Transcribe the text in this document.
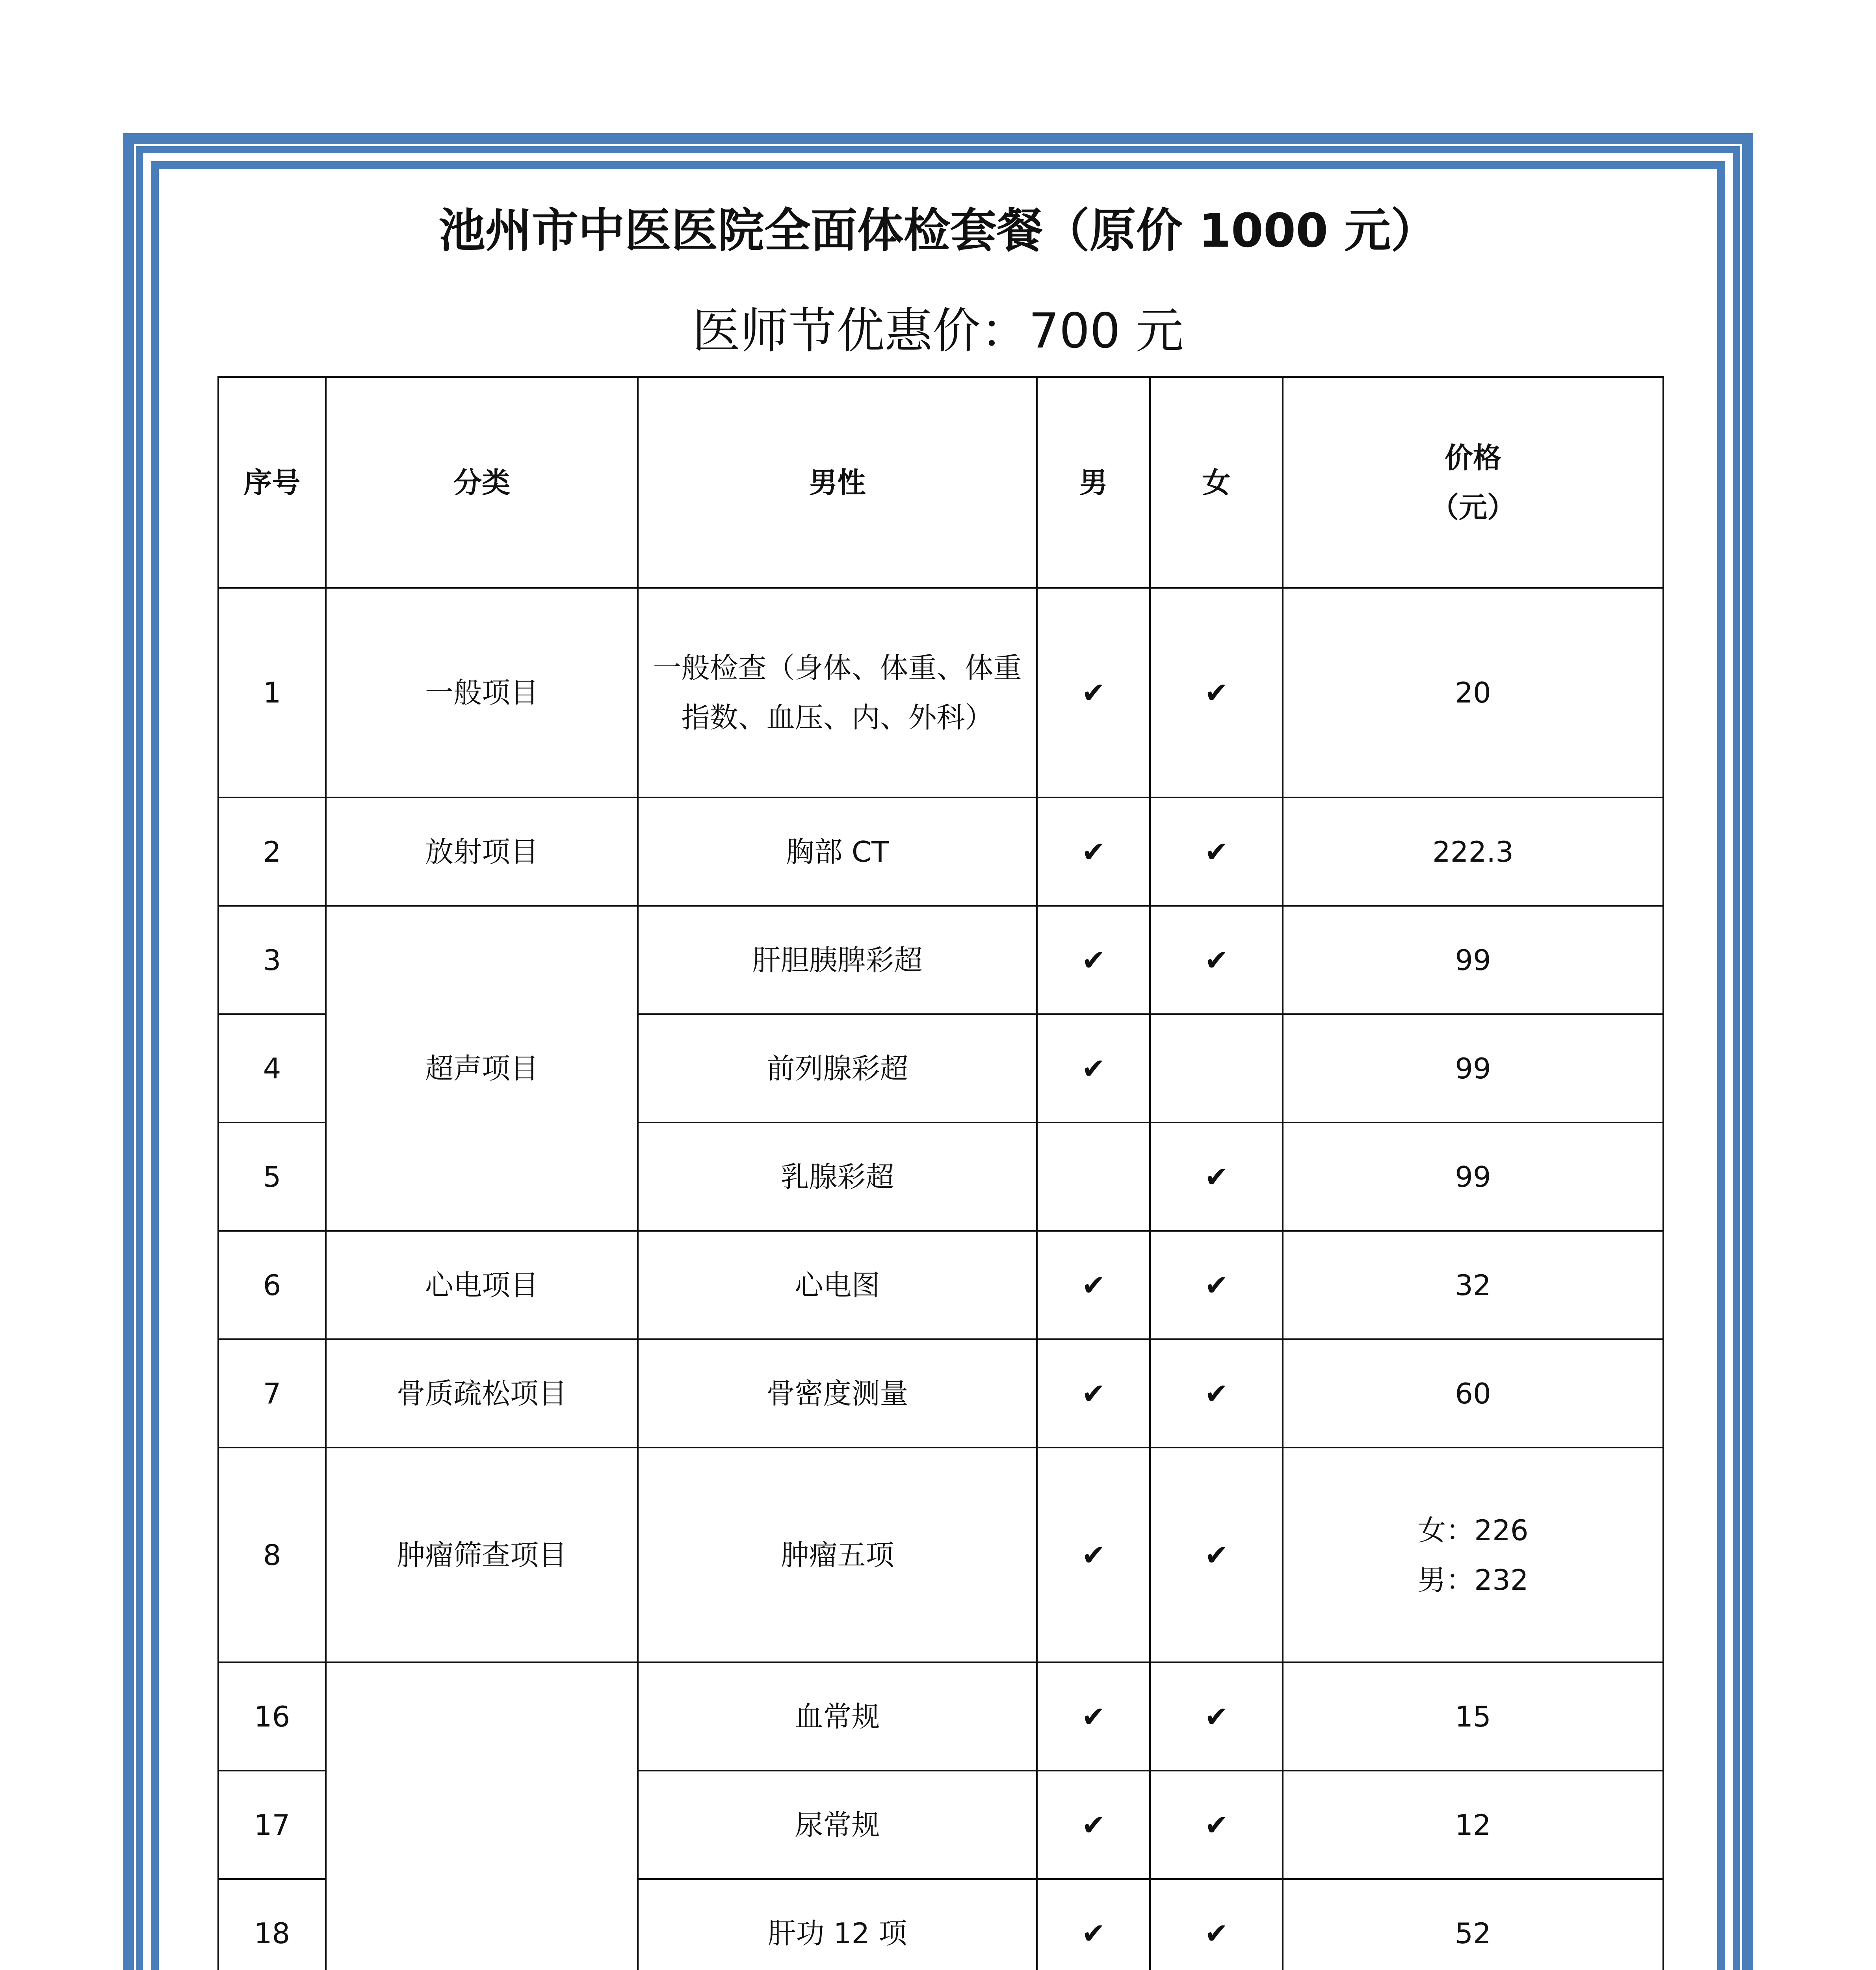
池州市中医医院全面体检套餐（原价 1000 元）

医师节优惠价：700 元

序号	分类	男性	男	女	价格
（元）

1	一般项目	一般检查（身体、体重、体重指数、血压、内、外科）	✔	✔	20
2	放射项目	胸部 CT	✔	✔	222.3
3	超声项目	肝胆胰脾彩超	✔	✔	99
4		前列腺彩超	✔		99
5		乳腺彩超		✔	99
6	心电项目	心电图	✔	✔	32
7	骨质疏松项目	骨密度测量	✔	✔	60
8	肿瘤筛查项目	肿瘤五项	✔	✔	女：226
男：232

16		血常规	✔	✔	15
17		尿常规	✔	✔	12
18		肝功 12 项	✔	✔	52
